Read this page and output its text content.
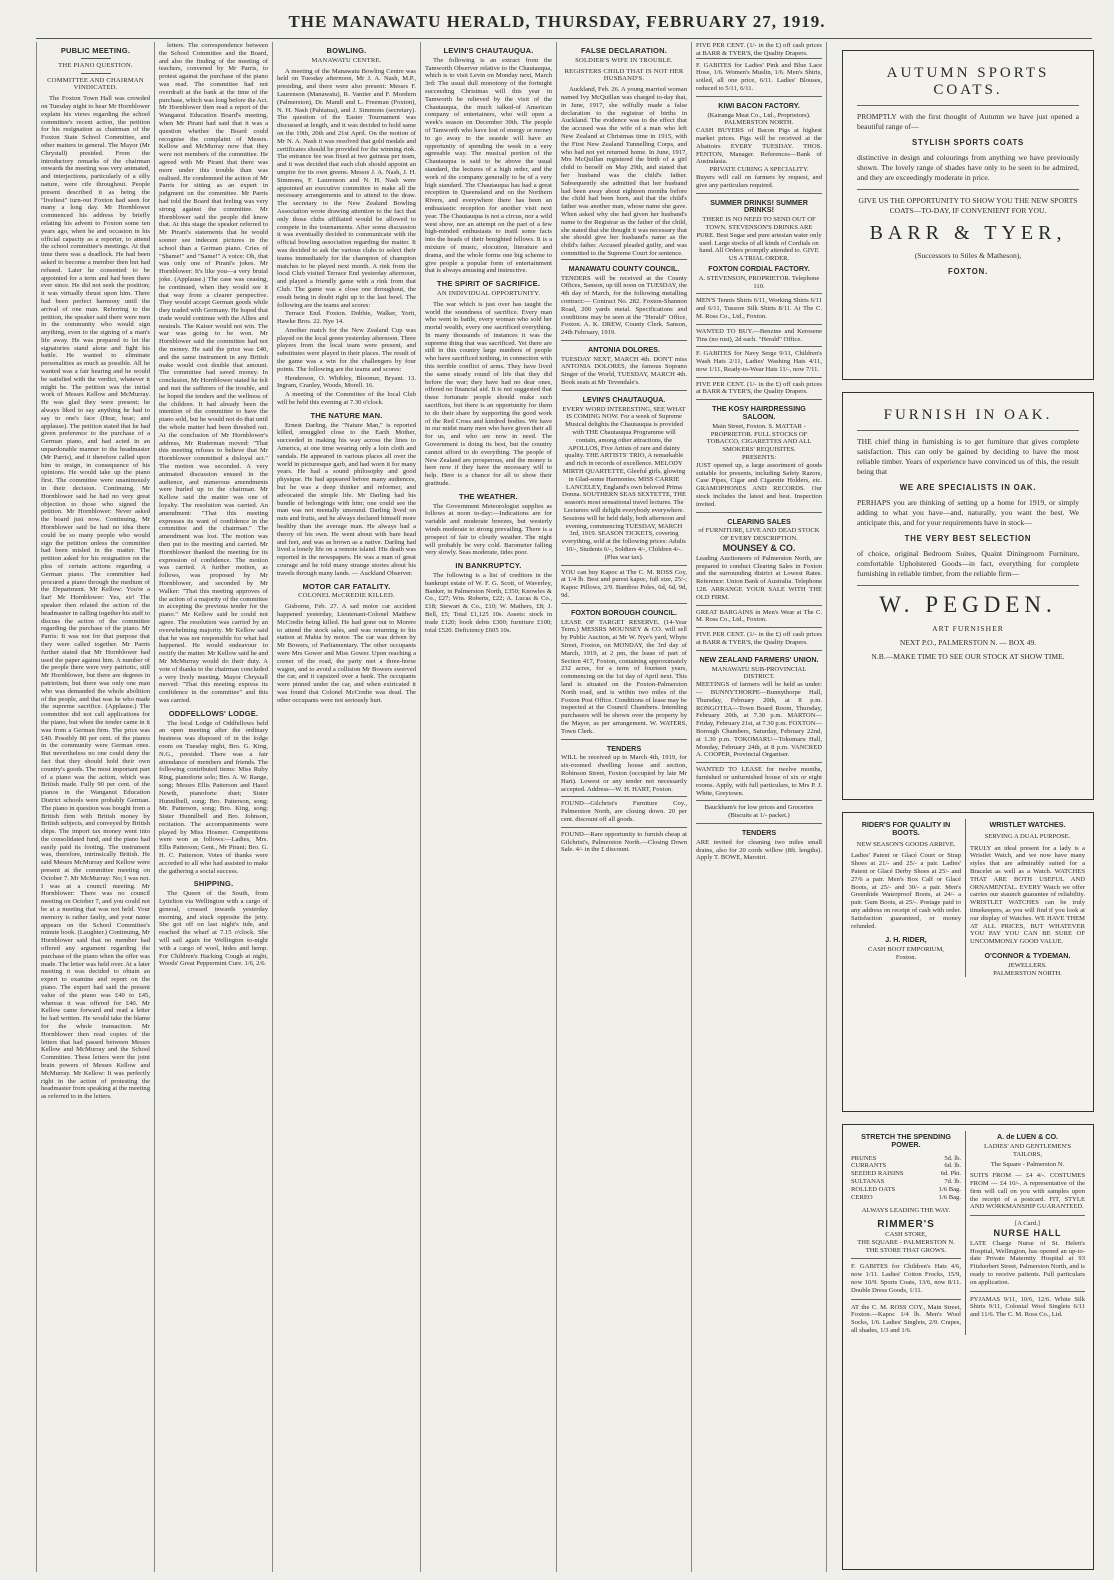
THE MANAWATU HERALD, THURSDAY, FEBRUARY 27, 1919.
PUBLIC MEETING.
THE PIANO QUESTION.
COMMITTEE AND CHAIRMAN VINDICATED.
The Foxton Town Hall was crowded on Tuesday night to hear Mr Hornblower explain his views regarding the school committee's recent action, the petition for his resignation as chairman of the Foxton State School Committee, and other matters in general. The Mayor (Mr Chrystall) presided. From the introductory remarks of the chairman onwards the meeting was very animated, and interjections, particularly of a silly nature, were rife throughout. People present described it as being the "liveliest" turn-out Foxton had seen for many a long day. Mr Hornblower commenced his address by briefly relating his advent to Foxton some ten years ago, when he and occasion in his official capacity as a reporter, to attend the school committee's meetings. At that time there was a deadlock. He had been asked to become a member then but had refused. Later he consented to be appointed for a term and had been there ever since. He did not seek the position; it was virtually thrust upon him. There had been perfect harmony until the arrival of one man. Referring to the petition, the speaker said there were men in the community who would sign anything, even to the signing of a man's life away. He was prepared to let the signatories stand alone and fight his battle. He wanted to eliminate personalities as much as possible. All he wanted was a fair hearing and he would be satisfied with the verdict, whatever it might be. The petition was the initial work of Messrs Kellow and McMurray. He was glad they were present; he always liked to say anything he had to say to one's face (Hear, hear; and applause). The petition stated that he had given preference to the purchase of a German piano, and had acted in an unpardonable manner to the headmaster (Mr Parris), and it therefore called upon him to resign, in consequence of his opinions. He would take up the piano first. The committee were unanimously in their decision. Continuing, Mr Hornblower said he had no very great objection to those who signed the petition. Mr Hornblower: Never asked the board just now. Continuing, Mr Hornblower said he had no idea there could be so many people who would sign the petition unless the committee had been misled in the matter. The petition asked for his resignation on the plea of certain actions regarding a German piano. The committee had procured a piano through the medium of the Department. Mr Kellow: You're a liar! Mr Hornblower: Yes, sir! The speaker then related the action of the headmaster in calling together his staff to discuss the action of the committee regarding the purchase of the piano. Mr Parris: It was not for that purpose that they were called together. Mr Parris further stated that Mr Hornblower had used the paper against him. A number of the people there were very patriotic, still Mr Hornblower, but there are degrees in patriotism, but there was only one man who was demanded the whole abolition of the people, and that was he who made the supreme sacrifice. (Applause.) The committee did not call applications for the piano, but when the tender came in it was from a German firm. The price was £40. Possibly 80 per cent. of the pianos in the community were German ones. But nevertheless no one could deny the fact that they should hold their own country's goods. The most important part of a piano was the action, which was British made. Fully 90 per cent. of the pianos in the Wanganui Education District schools were probably German. The piano in question was bought from a British firm with British money by British subjects, and conveyed by British ships. The import tax money went into the consolidated fund, and the piano had easily paid its footing. The instrument was, therefore, intrinsically British. He said Messrs McMurray and Kellow were present at the committee meeting on October 7. Mr McMurray: No; I was not. I was at a council meeting. Mr Hornblower: There was no council meeting on October 7, and you could not be at a meeting that was not held. Your memory is rather faulty, and your name appears on the School Committee's minute book. (Laughter.) Continuing, Mr Hornblower said that no member had offered any argument regarding the purchase of the piano when the offer was made. The letter was held over. At a later meeting it was decided to obtain an expert to examine and report on the piano. The expert had said the present value of the piano was £40 to £45, whereas it was offered for £40. Mr Kellow came forward and read a letter he had written. He would take the blame for the whole transaction. Mr Hornblower then read copies of the letters that had passed between Messrs Kellow and McMurray and the School Committee. These letters were the joint brain powers of Messrs Kellow and McMurray. Mr Kellow: It was perfectly right in the action of protesting the headmaster from speaking at the meeting as referred to in the letters.
letters. The correspondence between the School Committee and the Board, and also the finding of the meeting of teachers, convened by Mr Parris, to protest against the purchase of the piano was read. The committee had not overdraft at the bank at the time of the purchase, which was long before the Act. Mr Hornblower then read a report of the Wanganui Education Board's meeting, when Mr Pirani had said that it was a question whether the Board could recognise the complaint of Messrs. Kellow and McMurray now that they were not members of the committee. He agreed with Mr Pirani that there was more under this trouble than was realised. He condemned the action of Mr Parris for sitting as an expert in judgment on the committee. Mr Parris had told the Board that feeling was very strong against the committee. Mr Hornblower said the people did know that. At this stage the speaker referred to Mr Pirani's statements that he would sooner see indecent pictures in the school than a German piano. Cries of "Shame!" and "Same!" A voice: Oh, that was only one of Pirani's jokes. Mr Hornblower: It's like you—a very brutal joke. (Applause.) The case was ceasing, he continued, when they would see it that way from a clearer perspective. They would accept German goods while they traded with Germany. He hoped that trade would continue with the Allies and neutrals. The Kaiser would not win. The war was going to be won. Mr Hornblower said the committee had not the money. He said the price was £40, and the same instrument in any British make would cost double that amount. The committee had saved money. In conclusion, Mr Hornblower stated he felt and met the sufferers of the trouble, and he hoped the tenders and the wellness of the children. It had already been the intention of the committee to have the piano sold, but he would not do that until the whole matter had been threshed out. At the conclusion of Mr Hornblower's address, Mr Ruderman moved: "That this meeting refuses to believe that Mr Hornblower committed a disloyal act." The motion was seconded. A very animated discussion ensued in the audience, and numerous amendments were hurled up to the chairman. Mr Kellow said the matter was one of loyalty. The resolution was carried. An amendment: "That this meeting expresses its want of confidence in the committee and the chairman." The amendment was lost. The motion was then put to the meeting and carried. Mr Hornblower thanked the meeting for its expression of confidence. The motion was carried. A further motion, as follows, was proposed by Mr Hornblower, and seconded by Mr Walker: "That this meeting approves of the action of a majority of the committee in accepting the previous tender for the piano." Mr Kellow said he could not agree. The resolution was carried by an overwhelming majority. Mr Kellow said that he was not responsible for what had happened. He would endeavour to rectify the matter. Mr Kellow said he and Mr McMurray would do their duty. A vote of thanks to the chairman concluded a very lively meeting. Mayor Chrystall moved: "That this meeting express its confidence in the committee" and this was carried.
ODDFELLOWS' LODGE.
The local Lodge of Oddfellows held an open meeting after the ordinary business was disposed of in the lodge room on Tuesday night, Bro. G. King, N.G., presided. There was a fair attendance of members and friends. The following contributed items: Miss Ruby Ring, pianoforte solo; Bro. A. W. Range, song; Messrs Ellis Patterson and Hazel Newth, pianoforte duet; Sister Hunnilbell, song; Bro. Patterson, song; Mr. Patterson, song; Bro. King, song; Sister Hunnilbell and Bro. Johnson, recitation. The accompaniments were played by Miss Hosmer. Competitions were won as follows:—Ladies, Mrs. Ellis Patterson; Gent., Mr Pirani; Bro. G. H. C. Patterson. Votes of thanks were accorded to all who had assisted to make the gathering a social success.
SHIPPING.
The Queen of the South, from Lyttelton via Wellington with a cargo of general, crossed inwards yesterday morning, and stuck opposite the jetty. She got off on last night's tide, and reached the wharf at 7.15 o'clock. She will sail again for Wellington to-night with a cargo of wool, hides and hemp. For Children's Hacking Cough at night, Woods' Great Peppermint Cure. 1/6, 2/6.
BOWLING.
MANAWATU CENTRE.
A meeting of the Manawatu Bowling Centre was held on Tuesday afternoon, Mr J. A. Nash, M.P., presiding, and there were also present: Messrs F. Laurenson (Manawatu), R. Vantier and F. Mordern (Palmerston), Dr. Mandl and L. Freeman (Foxton), N. H. Nash (Pahiatua), and J. Simmons (secretary). The question of the Easter Tournament was discussed at length, and it was decided to hold same on the 19th, 20th and 21st April. On the motion of Mr N. A. Nash it was resolved that gold medals and certificates should be provided for the winning rink. The entrance fee was fixed at two guineas per team, and it was decided that each club should appoint an umpire for its own greens. Messrs J. A. Nash, J. H. Simmons, F. Laurenson and N. H. Nash were appointed an executive committee to make all the necessary arrangements and to attend to the draw. The secretary to the New Zealand Bowling Association wrote drawing attention to the fact that only those clubs affiliated would be allowed to compete in the tournaments. After some discussion it was eventually decided to communicate with the official bowling association regarding the matter. It was decided to ask the various clubs to select their teams immediately for the champion of champion matches to be played next month. A rink from the local Club visited Terrace End yesterday afternoon, and played a friendly game with a rink from that Club. The game was a close one throughout, the result being in doubt right up to the last bowl. The following are the teams and scores:
Terrace End. Foxton. Dobbie, Walker, Yortt, Hawke Bros. 22. Nye 14.
Another match for the New Zealand Cup was played on the local green yesterday afternoon. Three players from the local team were present, and substitutes were played in their places. The result of the game was a win for the challengers by four points. The following are the teams and scores:
Henderson, O. Whibley, Bloomer, Bryant. 13. Ingram, Cranley, Woods, Morell. 16.
A meeting of the Committee of the local Club will be held this evening at 7.30 o'clock.
THE NATURE MAN.
Ernest Darling, the "Nature Man," is reported killed, smuggled close to the Earth Mother, succeeded in making his way across the lines to America, at one time wearing only a loin cloth and sandals. He appeared in various places all over the world in picturesque garb, and had worn it for many years. He had a sound philosophy and good physique. He had appeared before many audiences, but he was a deep thinker and reformer, and advocated the simple life. Mr Darling had his bundle of belongings with him; one could see the man was not mentally unsound. Darling lived on nuts and fruits, and he always declared himself more healthy than the average man. He always had a theory of his own. He went about with bare head and feet, and was as brown as a native. Darling had lived a lonely life on a remote island. His death was reported in the newspapers. He was a man of great courage and he told many strange stories about his travels through many lands. — Auckland Observer.
MOTOR CAR FATALITY.
COLONEL McCREDIE KILLED.
Gisborne, Feb. 27. A sad motor car accident happened yesterday, Lieutenant-Colonel Matthew McCredie being killed. He had gone out to Morere to attend the stock sales, and was returning to his station at Mahia by motor. The car was driven by Mr Bowers, of Parliamentary. The other occupants were Mrs Gower and Miss Gower. Upon reaching a corner of the road, the party met a three-horse wagon, and to avoid a collision Mr Bowers swerved the car, and it capsized over a bank. The occupants were pinned under the car, and when extricated it was found that Colonel McCredie was dead. The other occupants were not seriously hurt.
LEVIN'S CHAUTAUQUA.
The following is an extract from the Tamworth Observer relative to the Chautauqua, which is to visit Levin on Monday next, March 3rd: The usual dull monotony of the fortnight succeeding Christmas will this year in Tamworth be relieved by the visit of the Chautauqua, the much talked-of American company of entertainers, who will open a week's season on December 30th. The people of Tamworth who have lost of energy or money to go away to the seaside will have an opportunity of spending the week in a very agreeable way. The musical portion of the Chautauqua is said to be above the usual standard, the lectures of a high order, and the work of the company generally to be of a very high standard. The Chautauqua has had a great reception in Queensland and on the Northern Rivers, and everywhere there has been an enthusiastic reception for another visit next year. The Chautauqua is not a circus, nor a wild west show, nor an attempt on the part of a few high-minded enthusiasts to instil some facts into the heads of their benighted fellows. It is a mixture of music, elocution, literature and drama, and the whole forms one big scheme to give people a popular form of entertainment that is always amusing and instructive.
THE SPIRIT OF SACRIFICE.
AN INDIVIDUAL OPPORTUNITY.
The war which is just over has taught the world the soundness of sacrifice. Every man who went to battle, every woman who sold her mortal wealth, every one sacrificed everything. In many thousands of instances it was the supreme thing that was sacrificed. Yet there are still in this country large numbers of people who have sacrificed nothing, in connection with this terrible conflict of arms. They have lived the same steady round of life that they did before the war; they have had no dear ones, offered no financial aid. It is not suggested that these fortunate people should make such sacrifices, but there is an opportunity for them to do their share by supporting the good work of the Red Cross and kindred bodies. We have in our midst many men who have given their all for us, and who are now in need. The Government is doing its best, but the country cannot afford to do everything. The people of New Zealand are prosperous, and the money is here now if they have the necessary will to help. Here is a chance for all to show their gratitude.
THE WEATHER.
The Government Meteorologist supplies as follows at noon to-day:—Indications are for variable and moderate breezes, but westerly winds moderate to strong prevailing. There is a prospect of fair to cloudy weather. The night will probably be very cold. Barometer falling very slowly. Seas moderate, tides poor.
IN BANKRUPTCY.
The following is a list of creditors in the bankrupt estate of W. F. G. Scott, of Waverley, Banker, in Palmerston North, £350; Knowles & Co., £27; Wm. Roberts, £22; A. Lucas & Co., £18; Stewart & Co., £10; W. Mathers, £8; J. Bell, £5; Total £1,125 10s. Assets: stock in trade £120; book debts £300; furniture £100; total £520. Deficiency £605 10s.
FALSE DECLARATION.
SOLDIER'S WIFE IN TROUBLE.
REGISTERS CHILD THAT IS NOT HER HUSBAND'S.
Auckland, Feb. 26. A young married woman named Ivy McQuillan was charged to-day that, in June, 1917, she wilfully made a false declaration to the registrar of births in Auckland. The evidence was to the effect that the accused was the wife of a man who left New Zealand at Christmas time in 1915, with the First New Zealand Tunnelling Corps, and who had not yet returned home. In June, 1917, Mrs McQuillan registered the birth of a girl child to herself on May 29th, and stated that her husband was the child's father. Subsequently she admitted that her husband had been away about eighteen months before the child had been born, and that the child's father was another man, whose name she gave. When asked why she had given her husband's name to the Registrar as the father of the child, she stated that she thought it was necessary that she should give her husband's name as the child's father. Accused pleaded guilty, and was committed to the Supreme Court for sentence.
MANAWATU COUNTY COUNCIL.
TENDERS will be received at the County Offices, Sanson, up till noon on TUESDAY, the 4th day of March, for the following metalling contract:— Contract No. 282. Foxton-Shannon Road, 200 yards metal. Specifications and conditions may be seen at the "Herald" Office, Foxton. A. K. DREW, County Clerk. Sanson, 24th February, 1919.
ANTONIA DOLORES.
TUESDAY NEXT, MARCH 4th. DON'T miss ANTONIA DOLORES, the famous Soprano Singer of the World, TUESDAY, MARCH 4th. Book seats at Mr Tevendale's.
LEVIN'S CHAUTAUQUA.
EVERY WORD INTERESTING, SEE WHAT IS COMING NOW. For a week of Supreme Musical delights the Chautauqua is provided with THE Chautauqua Programme will contain, among other attractions, the APOLLOS, Five Artists of rare and dainty quality. THE ARTISTS' TRIO, A remarkable and rich in records of excellence. MELODY MIRTH QUARTETTE, Gleeful girls, glowing in Glad-some Harmonies. MISS CARRIE LANCELEY, England's own beloved Prima Donna. SOUTHERN SEAS SEXTETTE, THE season's most sensational travel lectures. The Lecturers will delight everybody everywhere. Sessions will be held daily, both afternoon and evening, commencing TUESDAY, MARCH 3rd, 1919. SEASON TICKETS, covering everything, sold at the following prices: Adults 10/-, Students 6/-, Soldiers 4/-, Children 4/-. (Plus war tax).
YOU can buy Kapoc at The C. M. ROSS Coy, at 1/4 lb. Best and purest kapoc, full size, 25/-; Kapoc Pillows, 2/9. Bamboo Poles, 6d, 6d, 9d, 9d.
FOXTON BOROUGH COUNCIL.
LEASE OF TARGET RESERVE. (14-Year Term.) MESSRS MOUNSEY & CO. will sell by Public Auction, at Mr W. Nye's yard, Whyte Street, Foxton, on MONDAY, the 3rd day of March, 1919, at 2 pm, the lease of part of Section 417, Foxton, containing approximately 232 acres, for a term of fourteen years, commencing on the 1st day of April next. This land is situated on the Foxton-Palmerston North road, and is within two miles of the Foxton Post Office. Conditions of lease may be inspected at the Council Chambers. Intending purchasers will be shown over the property by the Mayor, as per arrangement. W. WATERS, Town Clerk.
TENDERS
WILL be received up to March 4th, 1919, for six-roomed dwelling house and section, Robinson Street, Foxton (occupied by late Mr Hart). Lowest or any tender not necessarily accepted. Address—W. H. HART, Foxton.
FOUND—Gilchrist's Furniture Coy., Palmerston North, are closing down. 20 per cent. discount off all goods.
FOUND—Rare opportunity to furnish cheap at Gilchrist's, Palmerston North.—Closing Down Sale. 4/- in the £ discount.
FIVE PER CENT. (1/- in the £) off cash prices at BARR & TYER'S, the Quality Drapers.
F. GABITES for Ladies' Pink and Blue Lace Hose, 1/6. Women's Muslin, 1/6. Men's Shirts, soiled, all one price, 6/11. Ladies' Blouses, reduced to 5/11, 6/11.
KIWI BACON FACTORY.
(Kairanga Meat Co., Ltd., Proprietors).
PALMERSTON NORTH.
CASH BUYERS of Bacon Pigs at highest market prices. Pigs will be received at the Abattoirs EVERY TUESDAY. THOS. FENTON, Manager. References—Bank of Australasia.
PRIVATE CURING A SPECIALITY.
Buyers will call on farmers by request, and give any particulars required.
SUMMER DRINKS! SUMMER DRINKS!
THERE IS NO NEED TO SEND OUT OF TOWN. STEVENSON'S DRINKS ARE PURE. Best Sugar and pure artesian water only used. Large stocks of all kinds of Cordials on hand. All Orders promptly attended to. GIVE US A TRIAL ORDER.
FOXTON CORDIAL FACTORY.
A. STEVENSON, PROPRIETOR. Telephone 110.
MEN'S Tennis Shirts 6/11, Working Shirts 6/11 and 6/11, Tussore Silk Shirts 8/11. At The C. M. Ross Co., Ltd., Foxton.
WANTED TO BUY.—Benzine and Kerosene Tins (no rust), 2d each. "Herald" Office.
F. GABITES for Navy Serge 9/11, Children's Wash Hats 2/11, Ladies' Washing Hats 4/11, now 1/11, Ready-to-Wear Hats 11/-, now 7/11.
FIVE PER CENT. (1/- in the £) off cash prices at BARR & TYER'S, the Quality Drapers.
THE KOSY HAIRDRESSING SALOON.
Main Street, Foxton. S. MATTAR - PROPRIETOR. FULL STOCKS OF TOBACCO, CIGARETTES AND ALL SMOKERS' REQUISITES.
PRESENTS:
JUST opened up, a large assortment of goods suitable for presents, including Safety Razors, Case Pipes, Cigar and Cigarette Holders, etc. GRAMOPHONES AND RECORDS. Our stock includes the latest and best. Inspection invited.
CLEARING SALES
of FURNITURE, LIVE AND DEAD STOCK OF EVERY DESCRIPTION.
MOUNSEY & CO.
Leading Auctioneers of Palmerston North, are prepared to conduct Clearing Sales in Foxton and the surrounding district at Lowest Rates. Reference: Union Bank of Australia. Telephone 128. ARRANGE YOUR SALE WITH THE OLD FIRM.
GREAT BARGAINS in Men's Wear at The C. M. Ross Co., Ltd., Foxton.
FIVE PER CENT. (1/- in the £) off cash prices at BARR & TYER'S, the Quality Drapers.
NEW ZEALAND FARMERS' UNION.
MANAWATU SUB-PROVINCIAL DISTRICT.
MEETINGS of farmers will be held as under:— BUNNYTHORPE—Bunnythorpe Hall, Thursday, February 20th, at 8 p.m. RONGOTEA—Town Board Room, Thursday, February 20th, at 7.30 p.m. MARTON—Friday, February 21st, at 7.30 p.m. FOXTON—Borough Chambers, Saturday, February 22nd, at 1.30 p.m. TOKOMARU—Tokomaru Hall, Monday, February 24th, at 8 p.m. VANCRED A. COOPER, Provincial Organiser.
WANTED TO LEASE for twelve months, furnished or unfurnished house of six or eight rooms. Apply, with full particulars, to Mrs P. J. White, Greytown.
Bauckham's for low prices and Groceries (Biscuits at 1/- packet.)
TENDERS
ARE invited for cleaning two miles small drains, also for 20 cords willow (8ft. lengths). Apply T. BOWE, Marotiri.
AUTUMN SPORTS COATS.
PROMPTLY with the first thought of Autumn we have just opened a beautiful range of—
STYLISH SPORTS COATS
distinctive in design and colourings from anything we have previously shown. The lovely range of shades have only to be seen to be admired, and they are exceedingly moderate in price.
GIVE US THE OPPORTUNITY TO SHOW YOU THE NEW SPORTS COATS—TO-DAY, IF CONVENIENT FOR YOU.
BARR & TYER,
(Successors to Stiles & Matheson),
FOXTON.
FURNISH IN OAK.
THE chief thing in furnishing is to get furniture that gives complete satisfaction. This can only be gained by deciding to have the most reliable timber. Years of experience have convinced us of this, the result being that
WE ARE SPECIALISTS IN OAK.
PERHAPS you are thinking of setting up a home for 1919, or simply adding to what you have—and, naturally, you want the best. We anticipate this, and for your requirements have in stock—
THE VERY BEST SELECTION
of choice, original Bedroom Suites, Quaint Diningroom Furniture, comfortable Upholstered Goods—in fact, everything for complete furnishing in reliable timber, from the reliable firm—
W. PEGDEN.
ART FURNISHER
NEXT P.O., PALMERSTON N. — BOX 49.
N.B.—MAKE TIME TO SEE OUR STOCK AT SHOW TIME.
RIDER'S FOR QUALITY IN BOOTS.
NEW SEASON'S GOODS ARRIVE.
Ladies' Patent or Glacé Court or Strap Shoes at 21/- and 25/- a pair. Ladies' Patent or Glacé Derby Shoes at 25/- and 27/6 a pair. Men's Box Calf or Glacé Boots, at 25/- and 30/- a pair. Men's Greenhide Waterproof Boots, at 24/- a pair. Gum Boots, at 25/-. Postage paid to any address on receipt of cash with order. Satisfaction guaranteed, or money refunded.
J. H. RIDER,
CASH BOOT EMPORIUM,
Foxton.
WRISTLET WATCHES.
SERVING A DUAL PURPOSE.
TRULY an ideal present for a lady is a Wristlet Watch, and we now have many styles that are admirably suited for a Bracelet as well as a Watch. WATCHES THAT ARE BOTH USEFUL AND ORNAMENTAL. EVERY Watch we offer carries our staunch guarantee of reliability. WRISTLET WATCHES can be truly timekeepers, as you will find if you look at our display of Watches. WE HAVE THEM AT ALL PRICES, BUT WHATEVER YOU PAY YOU CAN BE SURE OF UNCOMMONLY GOOD VALUE.
O'CONNOR & TYDEMAN.
JEWELLERS.
PALMERSTON NORTH.
STRETCH THE SPENDING POWER.
PRUNES	5d. lb.
CURRANTS	6d. lb.
SEEDED RAISINS	6d. Pkt.
SULTANAS	7d. lb.
ROLLED OATS	1/6 Bag.
CEREO	1/6 Bag.
ALWAYS LEADING THE WAY.
RIMMER'S
CASH STORE,
THE SQUARE - PALMERSTON N.
THE STORE THAT GROWS.
F. GABITES for Children's Hats 4/6, now 1/11. Ladies' Cotton Frocks, 15/9, now 10/9. Sports Coats, 13/6, now 8/11. Double Dress Goods, 1/11.
AT the C. M. ROSS COY., Main Street, Foxton.—Kapoc 1/4 lb. Men's Wool Socks, 1/6. Ladies' Singlets, 2/9. Crapes, all shades, 1/3 and 1/6.
A. de LUEN & CO.
LADIES' AND GENTLEMEN'S TAILORS,
The Square - Palmerston N.
SUITS FROM — £4 4/-. COSTUMES FROM — £4 10/-. A representative of the firm will call on you with samples upon the receipt of a postcard. FIT, STYLE AND WORKMANSHIP GUARANTEED.
[A Card.]
NURSE HALL
LATE Charge Nurse of St. Helen's Hospital, Wellington, has opened an up-to-date Private Maternity Hospital at 93 Fitzherbert Street, Palmerston North, and is ready to receive patients. Full particulars on application.
PYJAMAS 9/11, 10/6, 12/6. White Silk Shirts 9/11, Colonial Wool Singlets 6/11 and 11/6. The C. M. Ross Co., Ltd.
